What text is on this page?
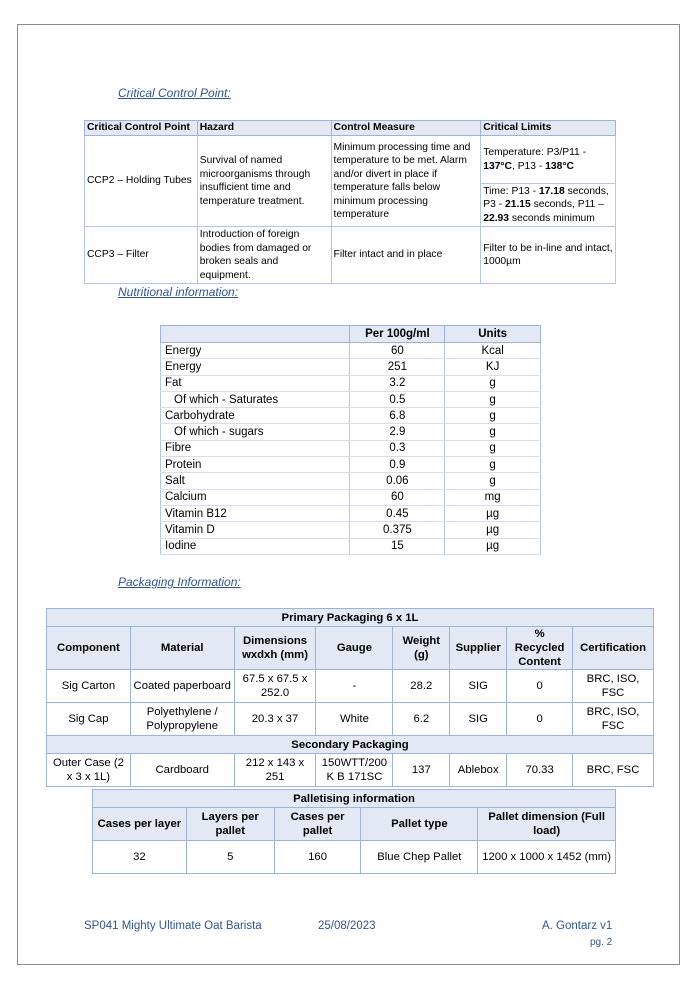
Critical Control Point:
Critical Control Point	Hazard	Control Measure	Critical Limits
CCP2 – Holding Tubes	Survival of named microorganisms through insufficient time and temperature treatment.	Minimum processing time and temperature to be met. Alarm and/or divert in place if temperature falls below minimum processing temperature	Temperature: P3/P11 - 137°C, P13 - 138°C
			Time: P13 - 17.18 seconds, P3 - 21.15 seconds, P11 – 22.93 seconds minimum
CCP3 – Filter	Introduction of foreign bodies from damaged or broken seals and equipment.	Filter intact and in place	Filter to be in-line and intact, 1000µm
Nutritional information:
	Per 100g/ml	Units
Energy	60	Kcal
Energy	251	KJ
Fat	3.2	g
Of which - Saturates	0.5	g
Carbohydrate	6.8	g
Of which - sugars	2.9	g
Fibre	0.3	g
Protein	0.9	g
Salt	0.06	g
Calcium	60	mg
Vitamin B12	0.45	µg
Vitamin D	0.375	µg
Iodine	15	µg
Packaging Information:
Primary Packaging 6 x 1L							
Component	Material	Dimensions wxdxh (mm)	Gauge	Weight (g)	Supplier	% Recycled Content	Certification
Sig Carton	Coated paperboard	67.5 x 67.5 x 252.0	-	28.2	SIG	0	BRC, ISO, FSC
Sig Cap	Polyethylene / Polypropylene	20.3 x 37	White	6.2	SIG	0	BRC, ISO, FSC
Secondary Packaging							
Outer Case (2 x 3 x 1L)	Cardboard	212 x 143 x 251	150WTT/200 K B 171SC	137	Ablebox	70.33	BRC, FSC
Palletising information				
Cases per layer	Layers per pallet	Cases per pallet	Pallet type	Pallet dimension (Full load)
32	5	160	Blue Chep Pallet	1200 x 1000 x 1452 (mm)
SP041 Mighty Ultimate Oat Barista	25/08/2023	A. Gontarz v1
pg. 2
